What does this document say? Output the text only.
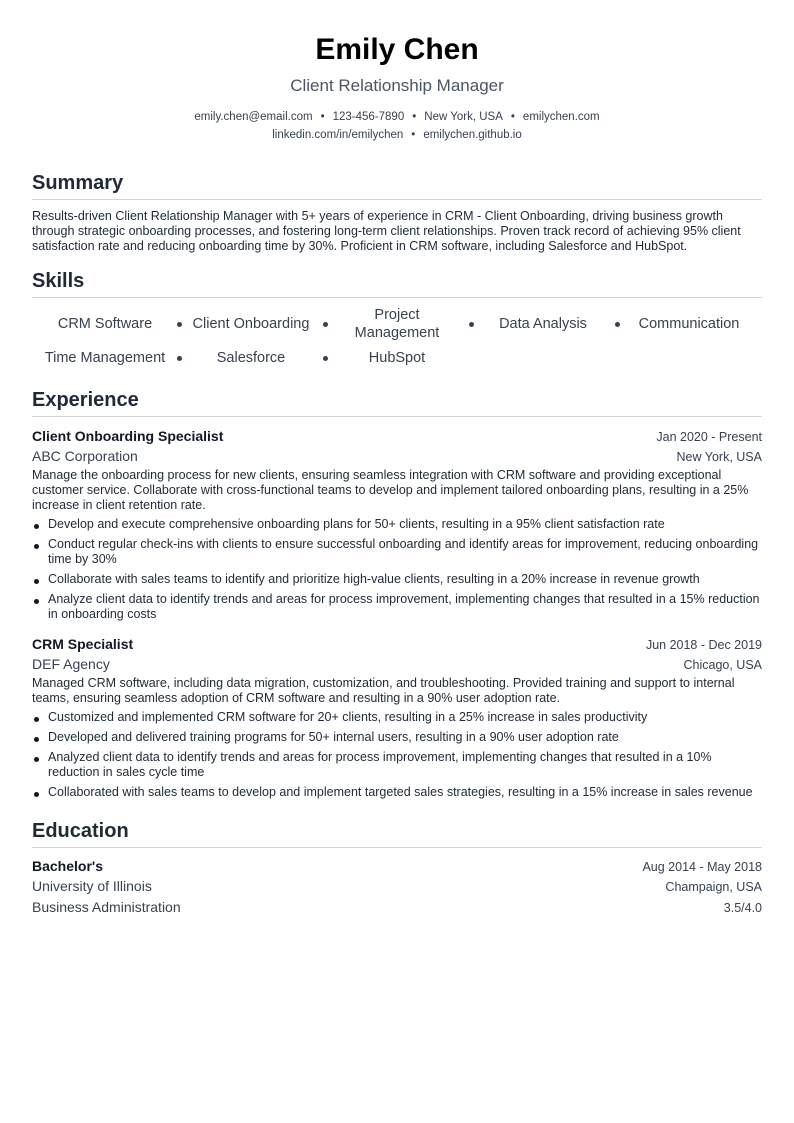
Emily Chen
Client Relationship Manager
emily.chen@email.com • 123-456-7890 • New York, USA • emilychen.com
linkedin.com/in/emilychen • emilychen.github.io
Summary
Results-driven Client Relationship Manager with 5+ years of experience in CRM - Client Onboarding, driving business growth through strategic onboarding processes, and fostering long-term client relationships. Proven track record of achieving 95% client satisfaction rate and reducing onboarding time by 30%. Proficient in CRM software, including Salesforce and HubSpot.
Skills
CRM Software	Client Onboarding
Project Management
Data Analysis	Communication
Time Management	Salesforce	HubSpot
Experience
Client Onboarding Specialist	Jan 2020 - Present
ABC Corporation	New York, USA
Manage the onboarding process for new clients, ensuring seamless integration with CRM software and providing exceptional customer service. Collaborate with cross-functional teams to develop and implement tailored onboarding plans, resulting in a 25% increase in client retention rate.
Develop and execute comprehensive onboarding plans for 50+ clients, resulting in a 95% client satisfaction rate
Conduct regular check-ins with clients to ensure successful onboarding and identify areas for improvement, reducing onboarding time by 30%
Collaborate with sales teams to identify and prioritize high-value clients, resulting in a 20% increase in revenue growth
Analyze client data to identify trends and areas for process improvement, implementing changes that resulted in a 15% reduction in onboarding costs
CRM Specialist	Jun 2018 - Dec 2019
DEF Agency	Chicago, USA
Managed CRM software, including data migration, customization, and troubleshooting. Provided training and support to internal teams, ensuring seamless adoption of CRM software and resulting in a 90% user adoption rate.
Customized and implemented CRM software for 20+ clients, resulting in a 25% increase in sales productivity
Developed and delivered training programs for 50+ internal users, resulting in a 90% user adoption rate
Analyzed client data to identify trends and areas for process improvement, implementing changes that resulted in a 10% reduction in sales cycle time
Collaborated with sales teams to develop and implement targeted sales strategies, resulting in a 15% increase in sales revenue
Education
Bachelor's	Aug 2014 - May 2018
University of Illinois	Champaign, USA
Business Administration	3.5/4.0
